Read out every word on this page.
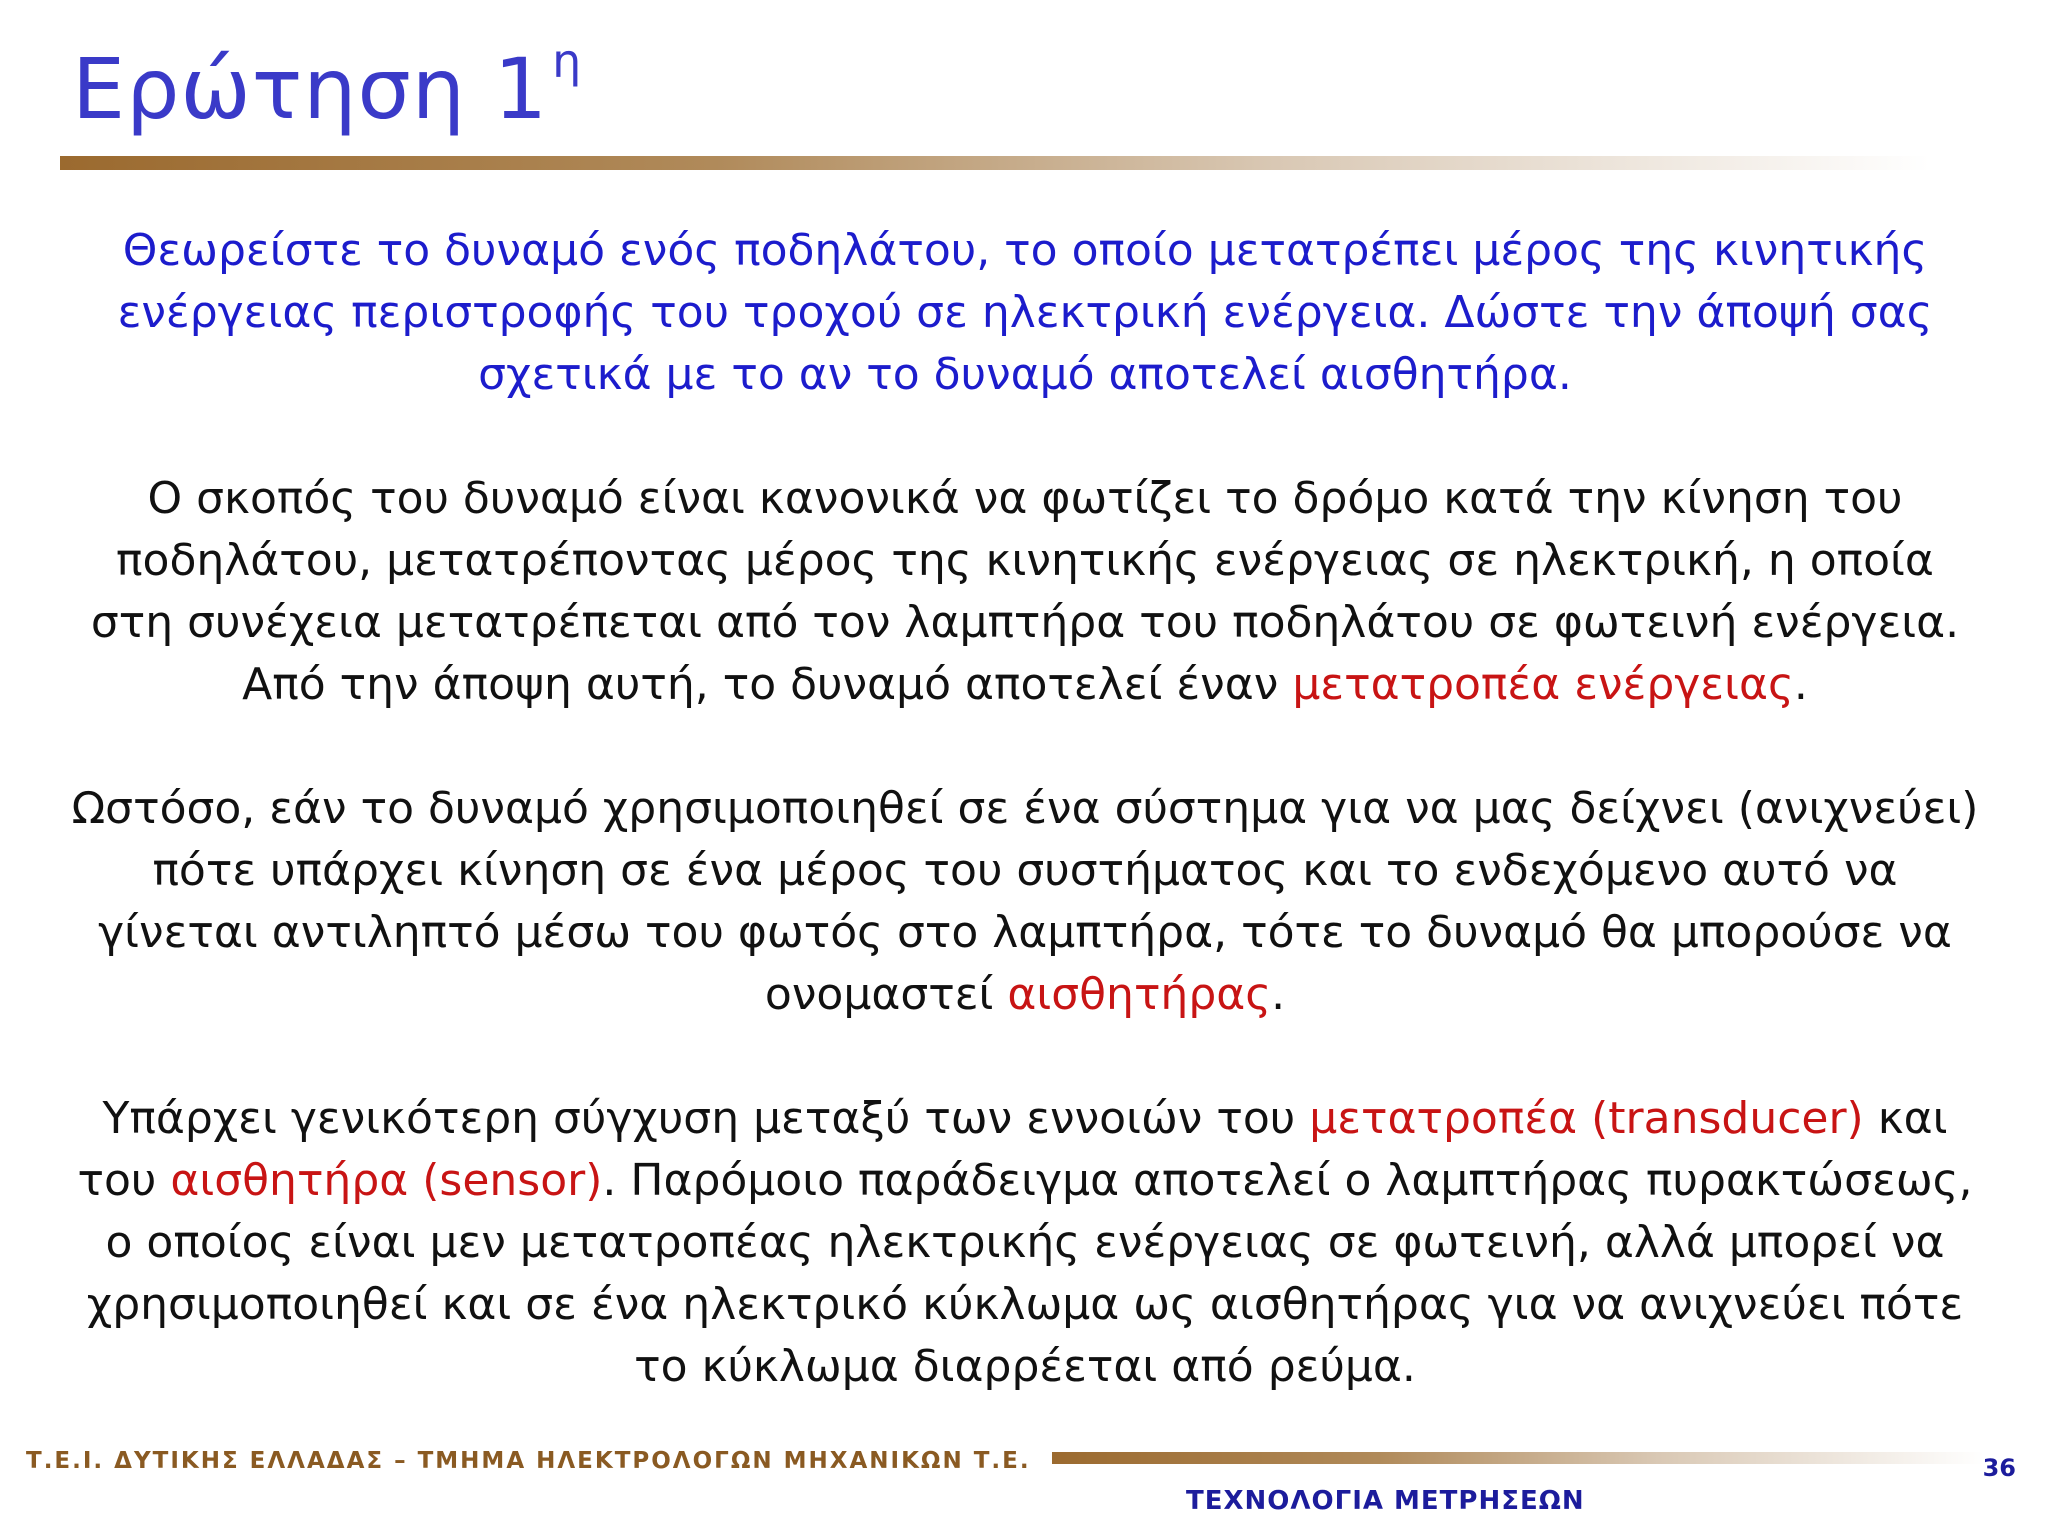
Ερώτηση $1^\eta$

Θεωρείστε το δυναμό ενός ποδηλάτου, το οποίο μετατρέπει μέρος της κινητικής ενέργειας περιστροφής του τροχού σε ηλεκτρική ενέργεια. Δώστε την άποψή σας σχετικά με το αν το δυναμό αποτελεί αισθητήρα.

Ο σκοπός του δυναμό είναι κανονικά να φωτίζει το δρόμο κατά την κίνηση του ποδηλάτου, μετατρέποντας μέρος της κινητικής ενέργειας σε ηλεκτρική, η οποία στη συνέχεια μετατρέπεται από τον λαμπτήρα του ποδηλάτου σε φωτεινή ενέργεια. Από την άποψη αυτή, το δυναμό αποτελεί έναν μετατροπέα ενέργειας.

Ωστόσο, εάν το δυναμό χρησιμοποιηθεί σε ένα σύστημα για να μας δείχνει (ανιχνεύει) πότε υπάρχει κίνηση σε ένα μέρος του συστήματος και το ενδεχόμενο αυτό να γίνεται αντιληπτό μέσω του φωτός στο λαμπτήρα, τότε το δυναμό θα μπορούσε να ονομαστεί αισθητήρας.

Υπάρχει γενικότερη σύγχυση μεταξύ των εννοιών του μετατροπέα (transducer) και του αισθητήρα (sensor). Παρόμοιο παράδειγμα αποτελεί ο λαμπτήρας πυρακτώσεως, ο οποίος είναι μεν μετατροπέας ηλεκτρικής ενέργειας σε φωτεινή, αλλά μπορεί να χρησιμοποιηθεί και σε ένα ηλεκτρικό κύκλωμα ως αισθητήρας για να ανιχνεύει πότε το κύκλωμα διαρρέεται από ρεύμα.

Τ.Ε.Ι. ΔΥΤΙΚΗΣ ΕΛΛΑΔΑΣ – ΤΜΗΜΑ ΗΛΕΚΤΡΟΛΟΓΩΝ ΜΗΧΑΝΙΚΩΝ Τ.Ε.	36
ΤΕΧΝΟΛΟΓΙΑ ΜΕΤΡΗΣΕΩΝ
